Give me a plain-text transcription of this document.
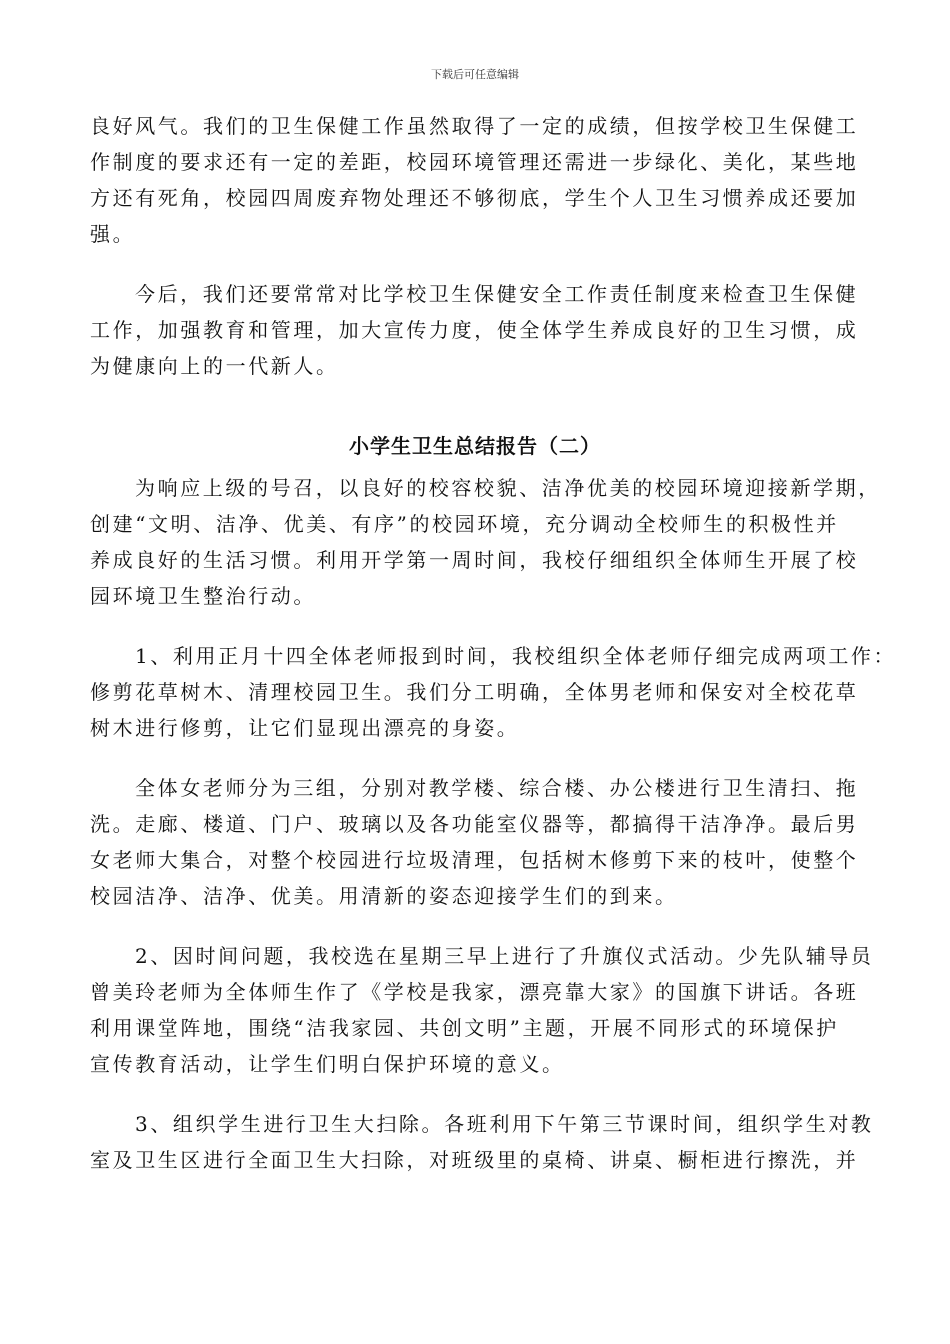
下载后可任意编辑
小学生卫生总结报告（二）
良好风气。我们的卫生保健工作虽然取得了一定的成绩，但按学校卫生保健工
作制度的要求还有一定的差距，校园环境管理还需进一步绿化、美化，某些地
方还有死角，校园四周废弃物处理还不够彻底，学生个人卫生习惯养成还要加
强。
今后，我们还要常常对比学校卫生保健安全工作责任制度来检查卫生保健
工作，加强教育和管理，加大宣传力度，使全体学生养成良好的卫生习惯，成
为健康向上的一代新人。
为响应上级的号召，以良好的校容校貌、洁净优美的校园环境迎接新学期，
创建“文明、洁净、优美、有序”的校园环境，充分调动全校师生的积极性并
养成良好的生活习惯。利用开学第一周时间，我校仔细组织全体师生开展了校
园环境卫生整治行动。
1、利用正月十四全体老师报到时间，我校组织全体老师仔细完成两项工作：
修剪花草树木、清理校园卫生。我们分工明确，全体男老师和保安对全校花草
树木进行修剪，让它们显现出漂亮的身姿。
全体女老师分为三组，分别对教学楼、综合楼、办公楼进行卫生清扫、拖
洗。走廊、楼道、门户、玻璃以及各功能室仪器等，都搞得干洁净净。最后男
女老师大集合，对整个校园进行垃圾清理，包括树木修剪下来的枝叶，使整个
校园洁净、洁净、优美。用清新的姿态迎接学生们的到来。
2、因时间问题，我校选在星期三早上进行了升旗仪式活动。少先队辅导员
曾美玲老师为全体师生作了《学校是我家，漂亮靠大家》的国旗下讲话。各班
利用课堂阵地，围绕“洁我家园、共创文明”主题，开展不同形式的环境保护
宣传教育活动，让学生们明白保护环境的意义。
3、组织学生进行卫生大扫除。各班利用下午第三节课时间，组织学生对教
室及卫生区进行全面卫生大扫除，对班级里的桌椅、讲桌、橱柜进行擦洗，并
